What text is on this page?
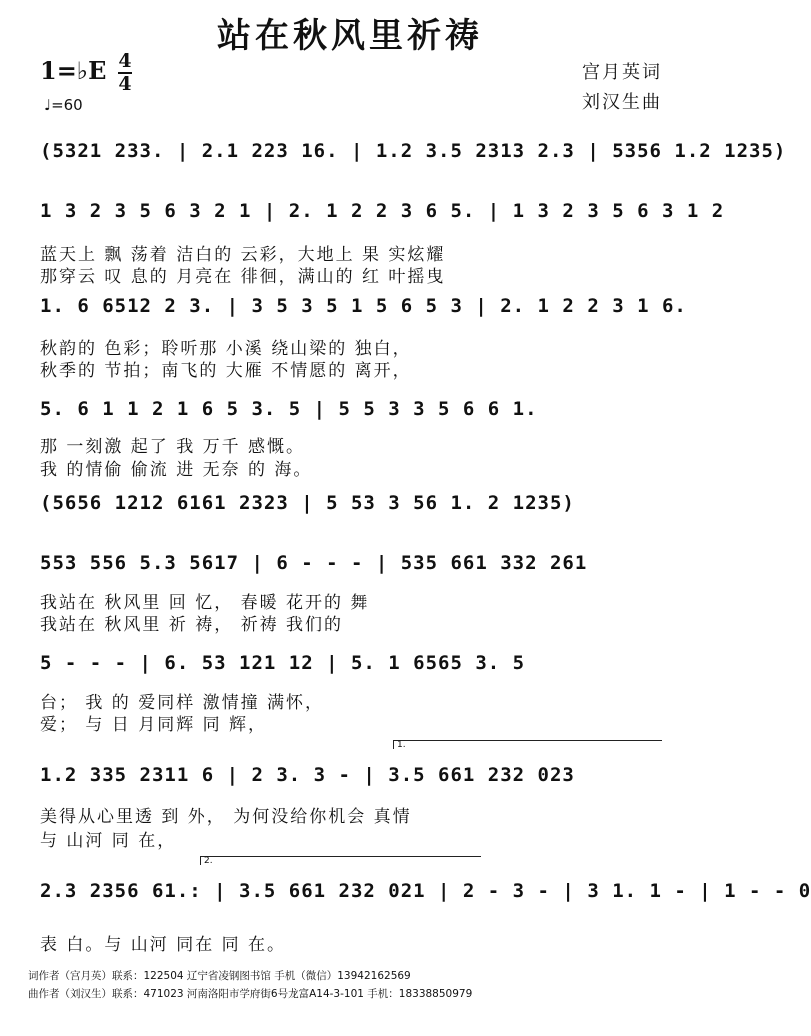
站在秋风里祈祷
1=♭E 4
4
♩=60
宫月英词
刘汉生曲
(5321 233. | 2.1 223 16. | 1.2 3.5 2313 2.3 | 5356 1.2 1235)
1 3 2 3 5 6 3 2 1 | 2. 1 2 2 3 6 5. | 1 3 2 3 5 6 3 1 2
蓝天上 飘 荡着 洁白的 云彩，大地上 果 实炫耀
那穿云 叹 息的 月亮在 徘徊，满山的 红 叶摇曳
1. 6 6512 2 3. | 3 5 3 5 1 5 6 5 3 | 2. 1 2 2 3 1 6.
秋韵的 色彩；聆听那 小溪 绕山梁的 独白，
秋季的 节拍；南飞的 大雁 不情愿的 离开，
5. 6 1 1 2 1 6 5 3. 5 | 5 5 3 3 5 6 6 1.
那 一刻激 起了 我 万千 感慨。
我 的情偷 偷流 进 无奈 的 海。
(5656 1212 6161 2323 | 5 53 3 56 1. 2 1235)
553 556 5.3 5617 | 6 - - - | 535 661 332 261
我站在 秋风里 回 忆， 春暖 花开的 舞
我站在 秋风里 祈 祷， 祈祷 我们的
5 - - - | 6. 53 121 12 | 5. 1 6565 3. 5
台； 我 的 爱同样 激情撞 满怀，
爱； 与 日 月同辉 同 辉，
1.
1.2 335 2311 6 | 2 3. 3 - | 3.5 661 232 023
美得从心里透 到 外， 为何没给你机会 真情
与 山河 同 在，
2.
2.3 2356 61.: | 3.5 661 232 021 | 2 - 3 - | 3 1. 1 - | 1 - - 0
表 白。与 山河 同在 同 在。
词作者（宫月英）联系：122504 辽宁省凌钢图书馆 手机（微信）13942162569
曲作者（刘汉生）联系：471023 河南洛阳市学府街6号龙富A14-3-101 手机：18338850979
